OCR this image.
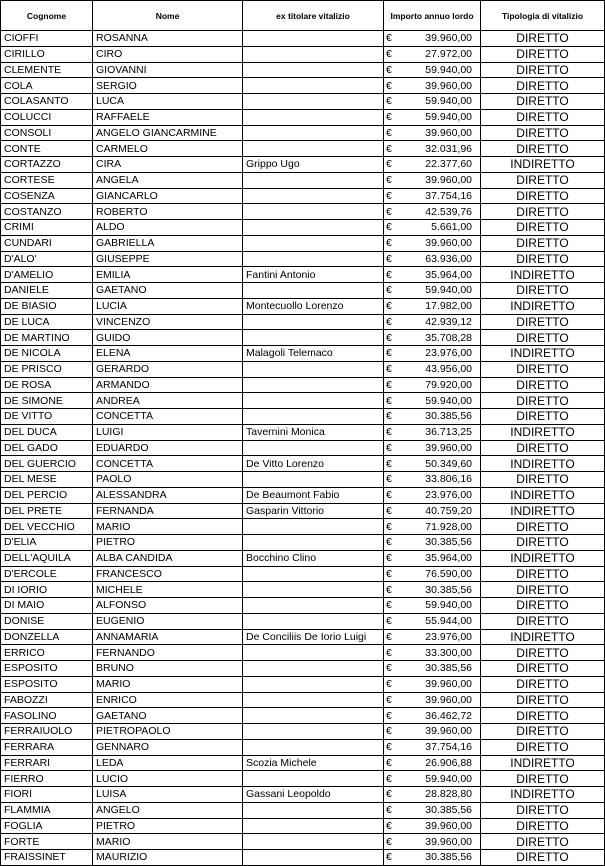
Cognome	Nome	ex titolare vitalizio	Importo annuo lordo		Tipologia di vitalizio
CIOFFI	ROSANNA		€	39.960,00	DIRETTO
CIRILLO	CIRO		€	27.972,00	DIRETTO
CLEMENTE	GIOVANNI		€	59.940,00	DIRETTO
COLA	SERGIO		€	39.960,00	DIRETTO
COLASANTO	LUCA		€	59.940,00	DIRETTO
COLUCCI	RAFFAELE		€	59.940,00	DIRETTO
CONSOLI	ANGELO GIANCARMINE		€	39.960,00	DIRETTO
CONTE	CARMELO		€	32.031,96	DIRETTO
CORTAZZO	CIRA	Grippo Ugo	€	22.377,60	INDIRETTO
CORTESE	ANGELA		€	39.960,00	DIRETTO
COSENZA	GIANCARLO		€	37.754,16	DIRETTO
COSTANZO	ROBERTO		€	42.539,76	DIRETTO
CRIMI	ALDO		€	5.661,00	DIRETTO
CUNDARI	GABRIELLA		€	39.960,00	DIRETTO
D'ALO'	GIUSEPPE		€	63.936,00	DIRETTO
D'AMELIO	EMILIA	Fantini Antonio	€	35.964,00	INDIRETTO
DANIELE	GAETANO		€	59.940,00	DIRETTO
DE BIASIO	LUCIA	Montecuollo Lorenzo	€	17.982,00	INDIRETTO
DE LUCA	VINCENZO		€	42.939,12	DIRETTO
DE MARTINO	GUIDO		€	35.708,28	DIRETTO
DE NICOLA	ELENA	Malagoli Telemaco	€	23.976,00	INDIRETTO
DE PRISCO	GERARDO		€	43.956,00	DIRETTO
DE ROSA	ARMANDO		€	79.920,00	DIRETTO
DE SIMONE	ANDREA		€	59.940,00	DIRETTO
DE VITTO	CONCETTA		€	30.385,56	DIRETTO
DEL DUCA	LUIGI	Tavernini Monica	€	36.713,25	INDIRETTO
DEL GADO	EDUARDO		€	39.960,00	DIRETTO
DEL GUERCIO	CONCETTA	De Vitto Lorenzo	€	50.349,60	INDIRETTO
DEL MESE	PAOLO		€	33.806,16	DIRETTO
DEL PERCIO	ALESSANDRA	De Beaumont Fabio	€	23.976,00	INDIRETTO
DEL PRETE	FERNANDA	Gasparin Vittorio	€	40.759,20	INDIRETTO
DEL VECCHIO	MARIO		€	71.928,00	DIRETTO
D'ELIA	PIETRO		€	30.385,56	DIRETTO
DELL'AQUILA	ALBA CANDIDA	Bocchino Clino	€	35.964,00	INDIRETTO
D'ERCOLE	FRANCESCO		€	76.590,00	DIRETTO
DI IORIO	MICHELE		€	30.385,56	DIRETTO
DI MAIO	ALFONSO		€	59.940,00	DIRETTO
DONISE	EUGENIO		€	55.944,00	DIRETTO
DONZELLA	ANNAMARIA	De Conciliis De Iorio Luigi	€	23.976,00	INDIRETTO
ERRICO	FERNANDO		€	33.300,00	DIRETTO
ESPOSITO	BRUNO		€	30.385,56	DIRETTO
ESPOSITO	MARIO		€	39.960,00	DIRETTO
FABOZZI	ENRICO		€	39.960,00	DIRETTO
FASOLINO	GAETANO		€	36.462,72	DIRETTO
FERRAIUOLO	PIETROPAOLO		€	39.960,00	DIRETTO
FERRARA	GENNARO		€	37.754,16	DIRETTO
FERRARI	LEDA	Scozia Michele	€	26.906,88	INDIRETTO
FIERRO	LUCIO		€	59.940,00	DIRETTO
FIORI	LUISA	Gassani Leopoldo	€	28.828,80	INDIRETTO
FLAMMIA	ANGELO		€	30.385,56	DIRETTO
FOGLIA	PIETRO		€	39.960,00	DIRETTO
FORTE	MARIO		€	39.960,00	DIRETTO
FRAISSINET	MAURIZIO		€	30.385,56	DIRETTO
